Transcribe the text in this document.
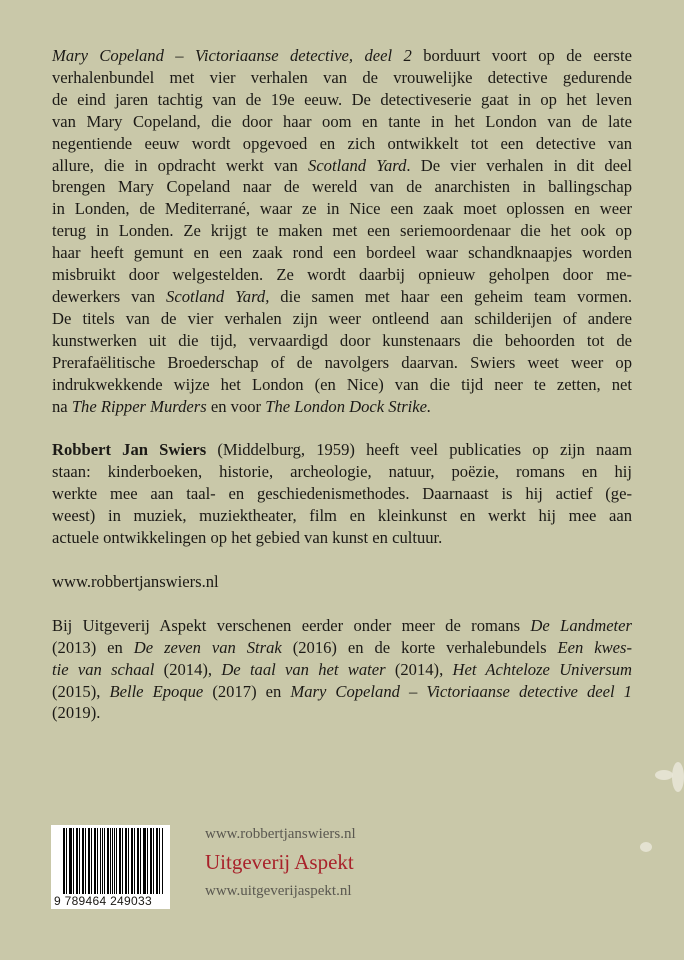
Mary Copeland – Victoriaanse detective, deel 2 borduurt voort op de eerste
verhalenbundel met vier verhalen van de vrouwelijke detective gedurende
de eind jaren tachtig van de 19e eeuw. De detectiveserie gaat in op het leven
van Mary Copeland, die door haar oom en tante in het London van de late
negentiende eeuw wordt opgevoed en zich ontwikkelt tot een detective van
allure, die in opdracht werkt van Scotland Yard. De vier verhalen in dit deel
brengen Mary Copeland naar de wereld van de anarchisten in ballingschap
in Londen, de Mediterrané, waar ze in Nice een zaak moet oplossen en weer
terug in Londen. Ze krijgt te maken met een seriemoordenaar die het ook op
haar heeft gemunt en een zaak rond een bordeel waar schandknaapjes worden
misbruikt door welgestelden. Ze wordt daarbij opnieuw geholpen door me-
dewerkers van Scotland Yard, die samen met haar een geheim team vormen.
De titels van de vier verhalen zijn weer ontleend aan schilderijen of andere
kunstwerken uit die tijd, vervaardigd door kunstenaars die behoorden tot de
Prerafaëlitische Broederschap of de navolgers daarvan. Swiers weet weer op
indrukwekkende wijze het London (en Nice) van die tijd neer te zetten, net
na The Ripper Murders en voor The London Dock Strike.
Robbert Jan Swiers (Middelburg, 1959) heeft veel publicaties op zijn naam
staan: kinderboeken, historie, archeologie, natuur, poëzie, romans en hij
werkte mee aan taal- en geschiedenismethodes. Daarnaast is hij actief (ge-
weest) in muziek, muziektheater, film en kleinkunst en werkt hij mee aan
actuele ontwikkelingen op het gebied van kunst en cultuur.
www.robbertjanswiers.nl
Bij Uitgeverij Aspekt verschenen eerder onder meer de romans De Landmeter
(2013) en De zeven van Strak (2016) en de korte verhalebundels Een kwes-
tie van schaal (2014), De taal van het water (2014), Het Achteloze Universum
(2015), Belle Epoque (2017) en Mary Copeland – Victoriaanse detective deel 1
(2019).
9 789464 249033
www.robbertjanswiers.nl
Uitgeverij Aspekt
www.uitgeverijaspekt.nl
